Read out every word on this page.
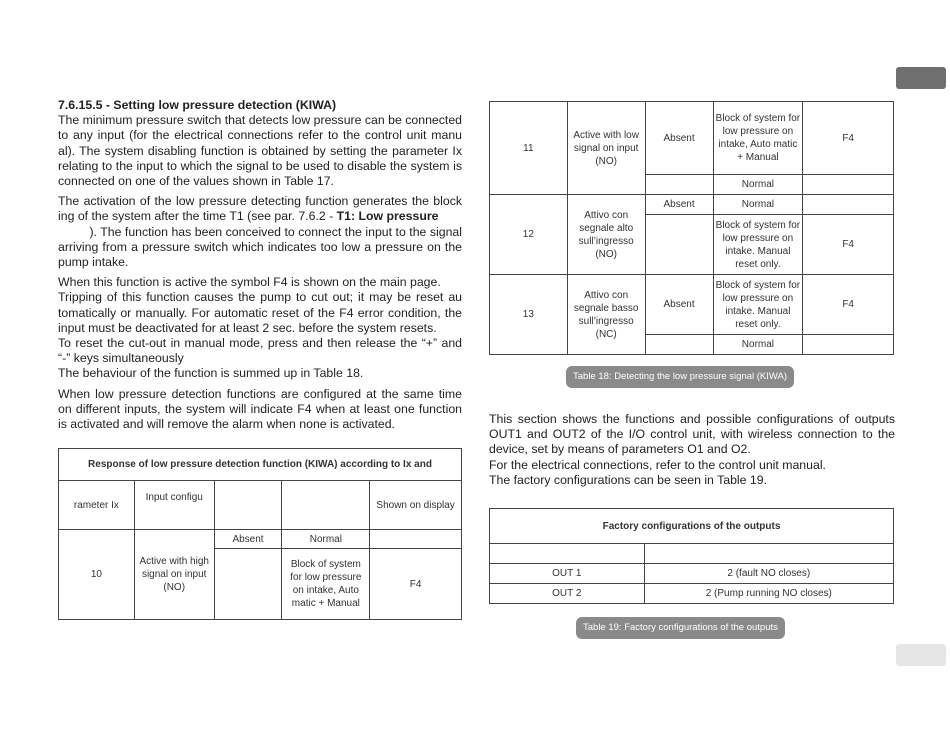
7.6.15.5 - Setting low pressure detection (KIWA)

The minimum pressure switch that detects low pressure can be connected to any input (for the electrical connections refer to the control unit manu al). The system disabling function is obtained by setting the parameter Ix relating to the input to which the signal to be used to disable the system is connected on one of the values shown in Table 17.

The activation of the low pressure detecting function generates the block ing of the system after the time T1 (see par. 7.6.2 - T1: Low pressure
). The function has been conceived to connect the input to the signal arriving from a pressure switch which indicates too low a pressure on the pump intake.

When this function is active the symbol F4 is shown on the main page.

Tripping of this function causes the pump to cut out; it may be reset au tomatically or manually. For automatic reset of the F4 error condition, the input must be deactivated for at least 2 sec. before the system resets.

To reset the cut-out in manual mode, press and then release the “+” and “-” keys simultaneously

The behaviour of the function is summed up in Table 18.

When low pressure detection functions are configured at the same time on different inputs, the system will indicate F4 when at least one function is activated and will remove the alarm when none is activated.

Response of low pressure detection function (KIWA) according to Ix and				
rameter Ix	Input configu			Shown on display
10	Active with high signal on input (NO)	Absent	Normal	
			Block of system for low pressure on intake, Auto matic + Manual	F4
11	Active with low signal on input (NO)	Absent	Block of system for low pressure on intake, Auto matic + Manual	F4
			Normal	
12	Attivo con segnale alto sull’ingresso (NO)	Absent	Normal	
			Block of system for low pressure on intake. Manual reset only.	F4
13	Attivo con segnale basso sull’ingresso (NC)	Absent	Block of system for low pressure on intake. Manual reset only.	F4
			Normal	
Table 18: Detecting the low pressure signal (KIWA)

This section shows the functions and possible configurations of outputs OUT1 and OUT2 of the I/O control unit, with wireless connection to the device, set by means of parameters O1 and O2.

For the electrical connections, refer to the control unit manual.

The factory configurations can be seen in Table 19.

Factory configurations of the outputs	

OUT 1	2 (fault NO closes)
OUT 2	2 (Pump running NO closes)
Table 19: Factory configurations of the outputs
